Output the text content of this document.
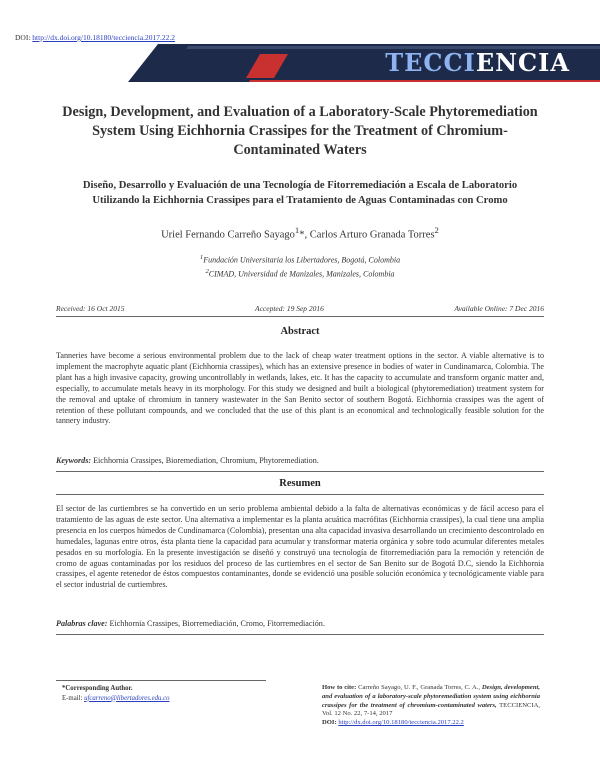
DOI: http://dx.doi.org/10.18180/tecciencia.2017.22.2
TECCIENCIA
Design, Development, and Evaluation of a Laboratory-Scale Phytoremediation System Using Eichhornia Crassipes for the Treatment of Chromium-Contaminated Waters
Diseño, Desarrollo y Evaluación de una Tecnología de Fitorremediación a Escala de Laboratorio Utilizando la Eichhornia Crassipes para el Tratamiento de Aguas Contaminadas con Cromo
Uriel Fernando Carreño Sayago$^1$*, Carlos Arturo Granada Torres$^2$
$^1$Fundación Universitaria los Libertadores, Bogotá, Colombia
$^2$CIMAD, Universidad de Manizales, Manizales, Colombia
Received: 16 Oct 2015	Accepted: 19 Sep 2016	Available Online: 7 Dec 2016
Abstract
Tanneries have become a serious environmental problem due to the lack of cheap water treatment options in the sector. A viable alternative is to implement the macrophyte aquatic plant (Eichhornia crassipes), which has an extensive presence in bodies of water in Cundinamarca, Colombia. The plant has a high invasive capacity, growing uncontrollably in wetlands, lakes, etc. It has the capacity to accumulate and transform organic matter and, especially, to accumulate metals heavy in its morphology. For this study we designed and built a biological (phytoremediation) treatment system for the removal and uptake of chromium in tannery wastewater in the San Benito sector of southern Bogotá. Eichhornia crassipes was the agent of retention of these pollutant compounds, and we concluded that the use of this plant is an economical and technologically feasible solution for the tannery industry.
Keywords: Eichhornia Crassipes, Bioremediation, Chromium, Phytoremediation.
Resumen
El sector de las curtiembres se ha convertido en un serio problema ambiental debido a la falta de alternativas económicas y de fácil acceso para el tratamiento de las aguas de este sector. Una alternativa a implementar es la planta acuática macrófitas (Eichhornia crassipes), la cual tiene una amplia presencia en los cuerpos húmedos de Cundinamarca (Colombia), presentan una alta capacidad invasiva desarrollando un crecimiento descontrolado en humedales, lagunas entre otros, ésta planta tiene la capacidad para acumular y transformar materia orgánica y sobre todo acumular diferentes metales pesados en su morfología. En la presente investigación se diseñó y construyó una tecnología de fitorremediación para la remoción y retención de cromo de aguas contaminadas por los residuos del proceso de las curtiembres en el sector de San Benito sur de Bogotá D.C, siendo la Eichhornia crassipes, el agente retenedor de éstos compuestos contaminantes, donde se evidenció una posible solución económica y tecnológicamente viable para el sector industrial de curtiembres.
Palabras clave: Eichhornia Crassipes, Biorremediación, Cromo, Fitorremediación.
*Corresponding Author.
E-mail: ufcarreno@libertadores.edu.co
How to cite: Carreño Sayago, U. F., Granada Torres, C. A., Design, development, and evaluation of a laboratory-scale phytoremediation system using eichhornia crassipes for the treatment of chromium-contaminated waters, TECCIENCIA, Vol. 12 No. 22, 7-14, 2017
DOI: http://dx.doi.org/10.18180/tecciencia.2017.22.2
